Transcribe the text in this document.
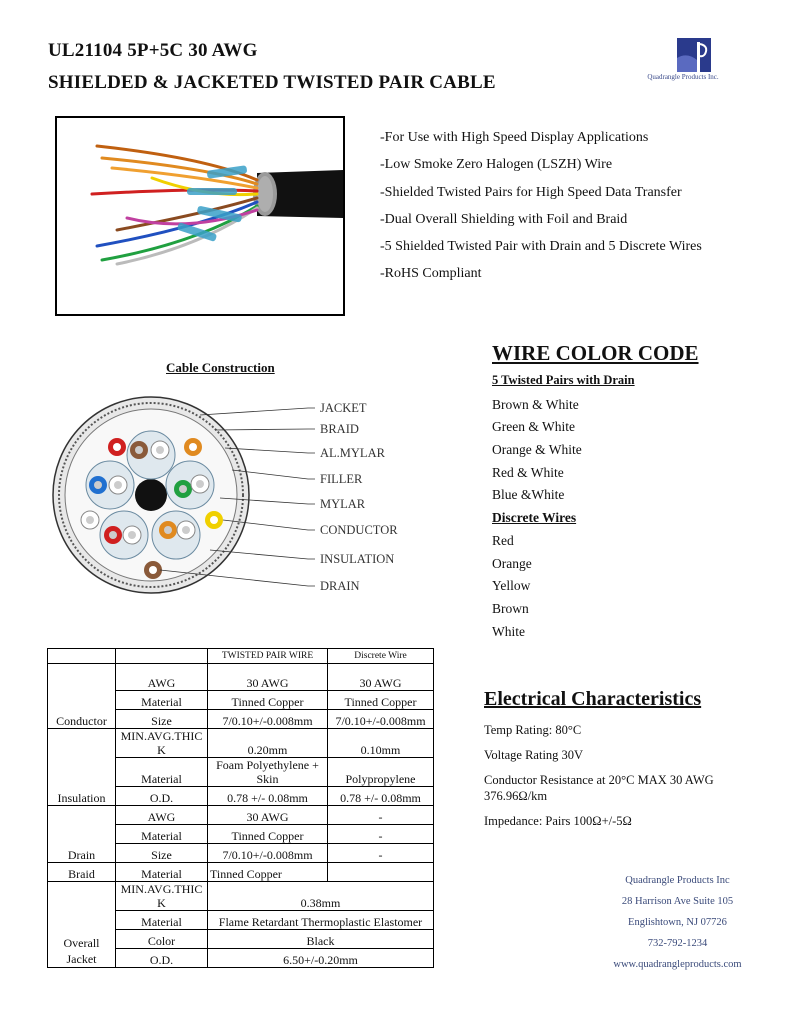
UL21104 5P+5C 30 AWG
SHIELDED & JACKETED TWISTED PAIR CABLE	Quadrangle Products Inc.
-For Use with High Speed Display Applications
-Low Smoke Zero Halogen (LSZH) Wire
-Shielded Twisted Pairs for High Speed Data Transfer
-Dual Overall Shielding with Foil and Braid
-5 Shielded Twisted Pair with Drain and 5 Discrete Wires
-RoHS Compliant
Cable Construction
JACKET
BRAID
AL.MYLAR
FILLER
MYLAR
CONDUCTOR
INSULATION
DRAIN
WIRE COLOR CODE
5 Twisted Pairs with Drain
Brown & White
Green & White
Orange & White
Red & White
Blue &White
Discrete Wires
Red
Orange
Yellow
Brown
White
		TWISTED PAIR WIRE	Discrete Wire
Conductor	AWG	30 AWG	30 AWG
	Material	Tinned Copper	Tinned Copper
	Size	7/0.10+/-0.008mm	7/0.10+/-0.008mm
Insulation	MIN.AVG.THICK	0.20mm	0.10mm
	Material	Foam Polyethylene + Skin	Polypropylene
	O.D.	0.78 +/- 0.08mm	0.78 +/- 0.08mm
Drain	AWG	30 AWG	-
	Material	Tinned Copper	-
	Size	7/0.10+/-0.008mm	-
Braid	Material	Tinned Copper	
Overall Jacket	MIN.AVG.THICK	0.38mm	
	Material	Flame Retardant Thermoplastic Elastomer	
	Color	Black	
	O.D.	6.50+/-0.20mm	
Electrical Characteristics
Temp Rating: 80°C
Voltage Rating 30V
Conductor Resistance at 20°C MAX 30 AWG 376.96Ω/km
Impedance: Pairs 100Ω+/-5Ω
Quadrangle Products Inc
28 Harrison Ave Suite 105
Englishtown, NJ 07726
732-792-1234
www.quadrangleproducts.com
